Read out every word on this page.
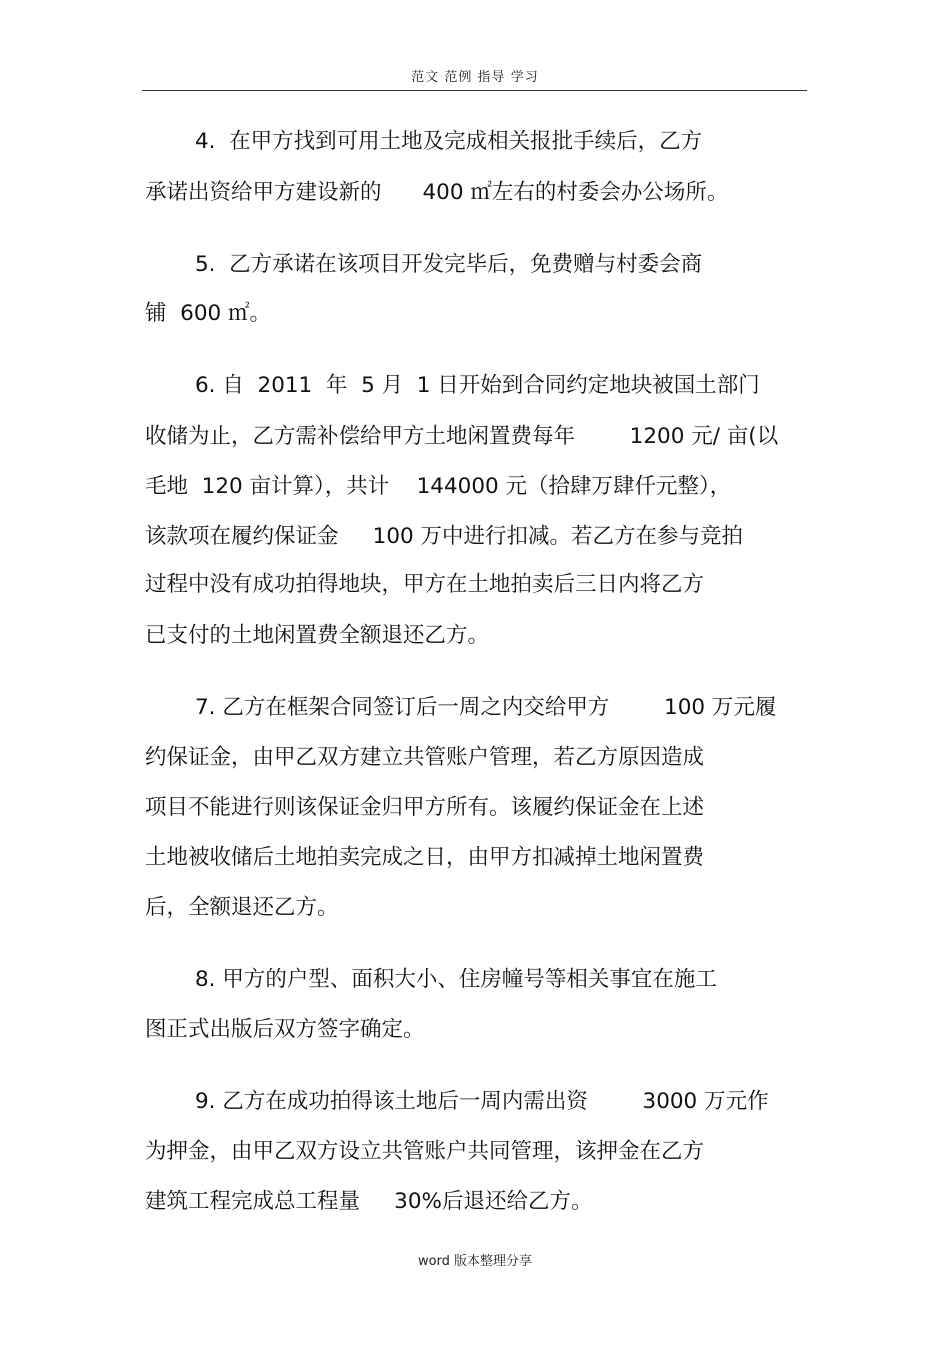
范文 范例 指导 学习
4.  在甲方找到可用土地及完成相关报批手续后，乙方
承诺出资给甲方建设新的      400 ㎡左右的村委会办公场所。
5.  乙方承诺在该项目开发完毕后，免费赠与村委会商
铺  600 ㎡。
6. 自  2011  年  5 月  1 日开始到合同约定地块被国土部门
收储为止，乙方需补偿给甲方土地闲置费每年        1200 元/ 亩(以
毛地  120 亩计算），共计    144000 元（拾肆万肆仟元整），
该款项在履约保证金     100 万中进行扣减。若乙方在参与竞拍
过程中没有成功拍得地块，甲方在土地拍卖后三日内将乙方
已支付的土地闲置费全额退还乙方。
7. 乙方在框架合同签订后一周之内交给甲方        100 万元履
约保证金，由甲乙双方建立共管账户管理，若乙方原因造成
项目不能进行则该保证金归甲方所有。该履约保证金在上述
土地被收储后土地拍卖完成之日，由甲方扣减掉土地闲置费
后，全额退还乙方。
8. 甲方的户型、面积大小、住房幢号等相关事宜在施工
图正式出版后双方签字确定。
9. 乙方在成功拍得该土地后一周内需出资        3000 万元作
为押金，由甲乙双方设立共管账户共同管理，该押金在乙方
建筑工程完成总工程量     30%后退还给乙方。
word 版本整理分享
